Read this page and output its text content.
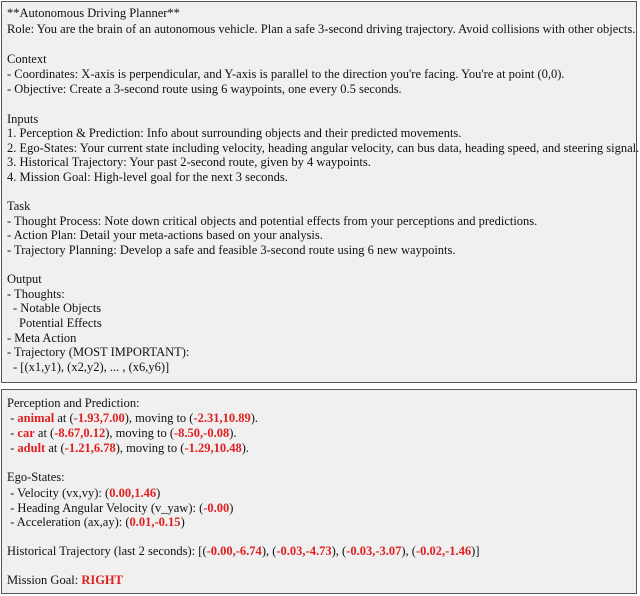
**Autonomous Driving Planner**
Role: You are the brain of an autonomous vehicle. Plan a safe 3-second driving trajectory. Avoid collisions with other objects.
Context
- Coordinates: X-axis is perpendicular, and Y-axis is parallel to the direction you're facing. You're at point (0,0).
- Objective: Create a 3-second route using 6 waypoints, one every 0.5 seconds.
Inputs
1. Perception & Prediction: Info about surrounding objects and their predicted movements.
2. Ego-States: Your current state including velocity, heading angular velocity, can bus data, heading speed, and steering signal.
3. Historical Trajectory: Your past 2-second route, given by 4 waypoints.
4. Mission Goal: High-level goal for the next 3 seconds.
Task
- Thought Process: Note down critical objects and potential effects from your perceptions and predictions.
- Action Plan: Detail your meta-actions based on your analysis.
- Trajectory Planning: Develop a safe and feasible 3-second route using 6 new waypoints.
Output
- Thoughts:
- Notable Objects
Potential Effects
- Meta Action
- Trajectory (MOST IMPORTANT):
- [(x1,y1), (x2,y2), ... , (x6,y6)]
Perception and Prediction:
- animal at (-1.93,7.00), moving to (-2.31,10.89).
- car at (-8.67,0.12), moving to (-8.50,-0.08).
- adult at (-1.21,6.78), moving to (-1.29,10.48).
Ego-States:
- Velocity (vx,vy): (0.00,1.46)
- Heading Angular Velocity (v_yaw): (-0.00)
- Acceleration (ax,ay): (0.01,-0.15)
Historical Trajectory (last 2 seconds): [(-0.00,-6.74), (-0.03,-4.73), (-0.03,-3.07), (-0.02,-1.46)]
Mission Goal: RIGHT
